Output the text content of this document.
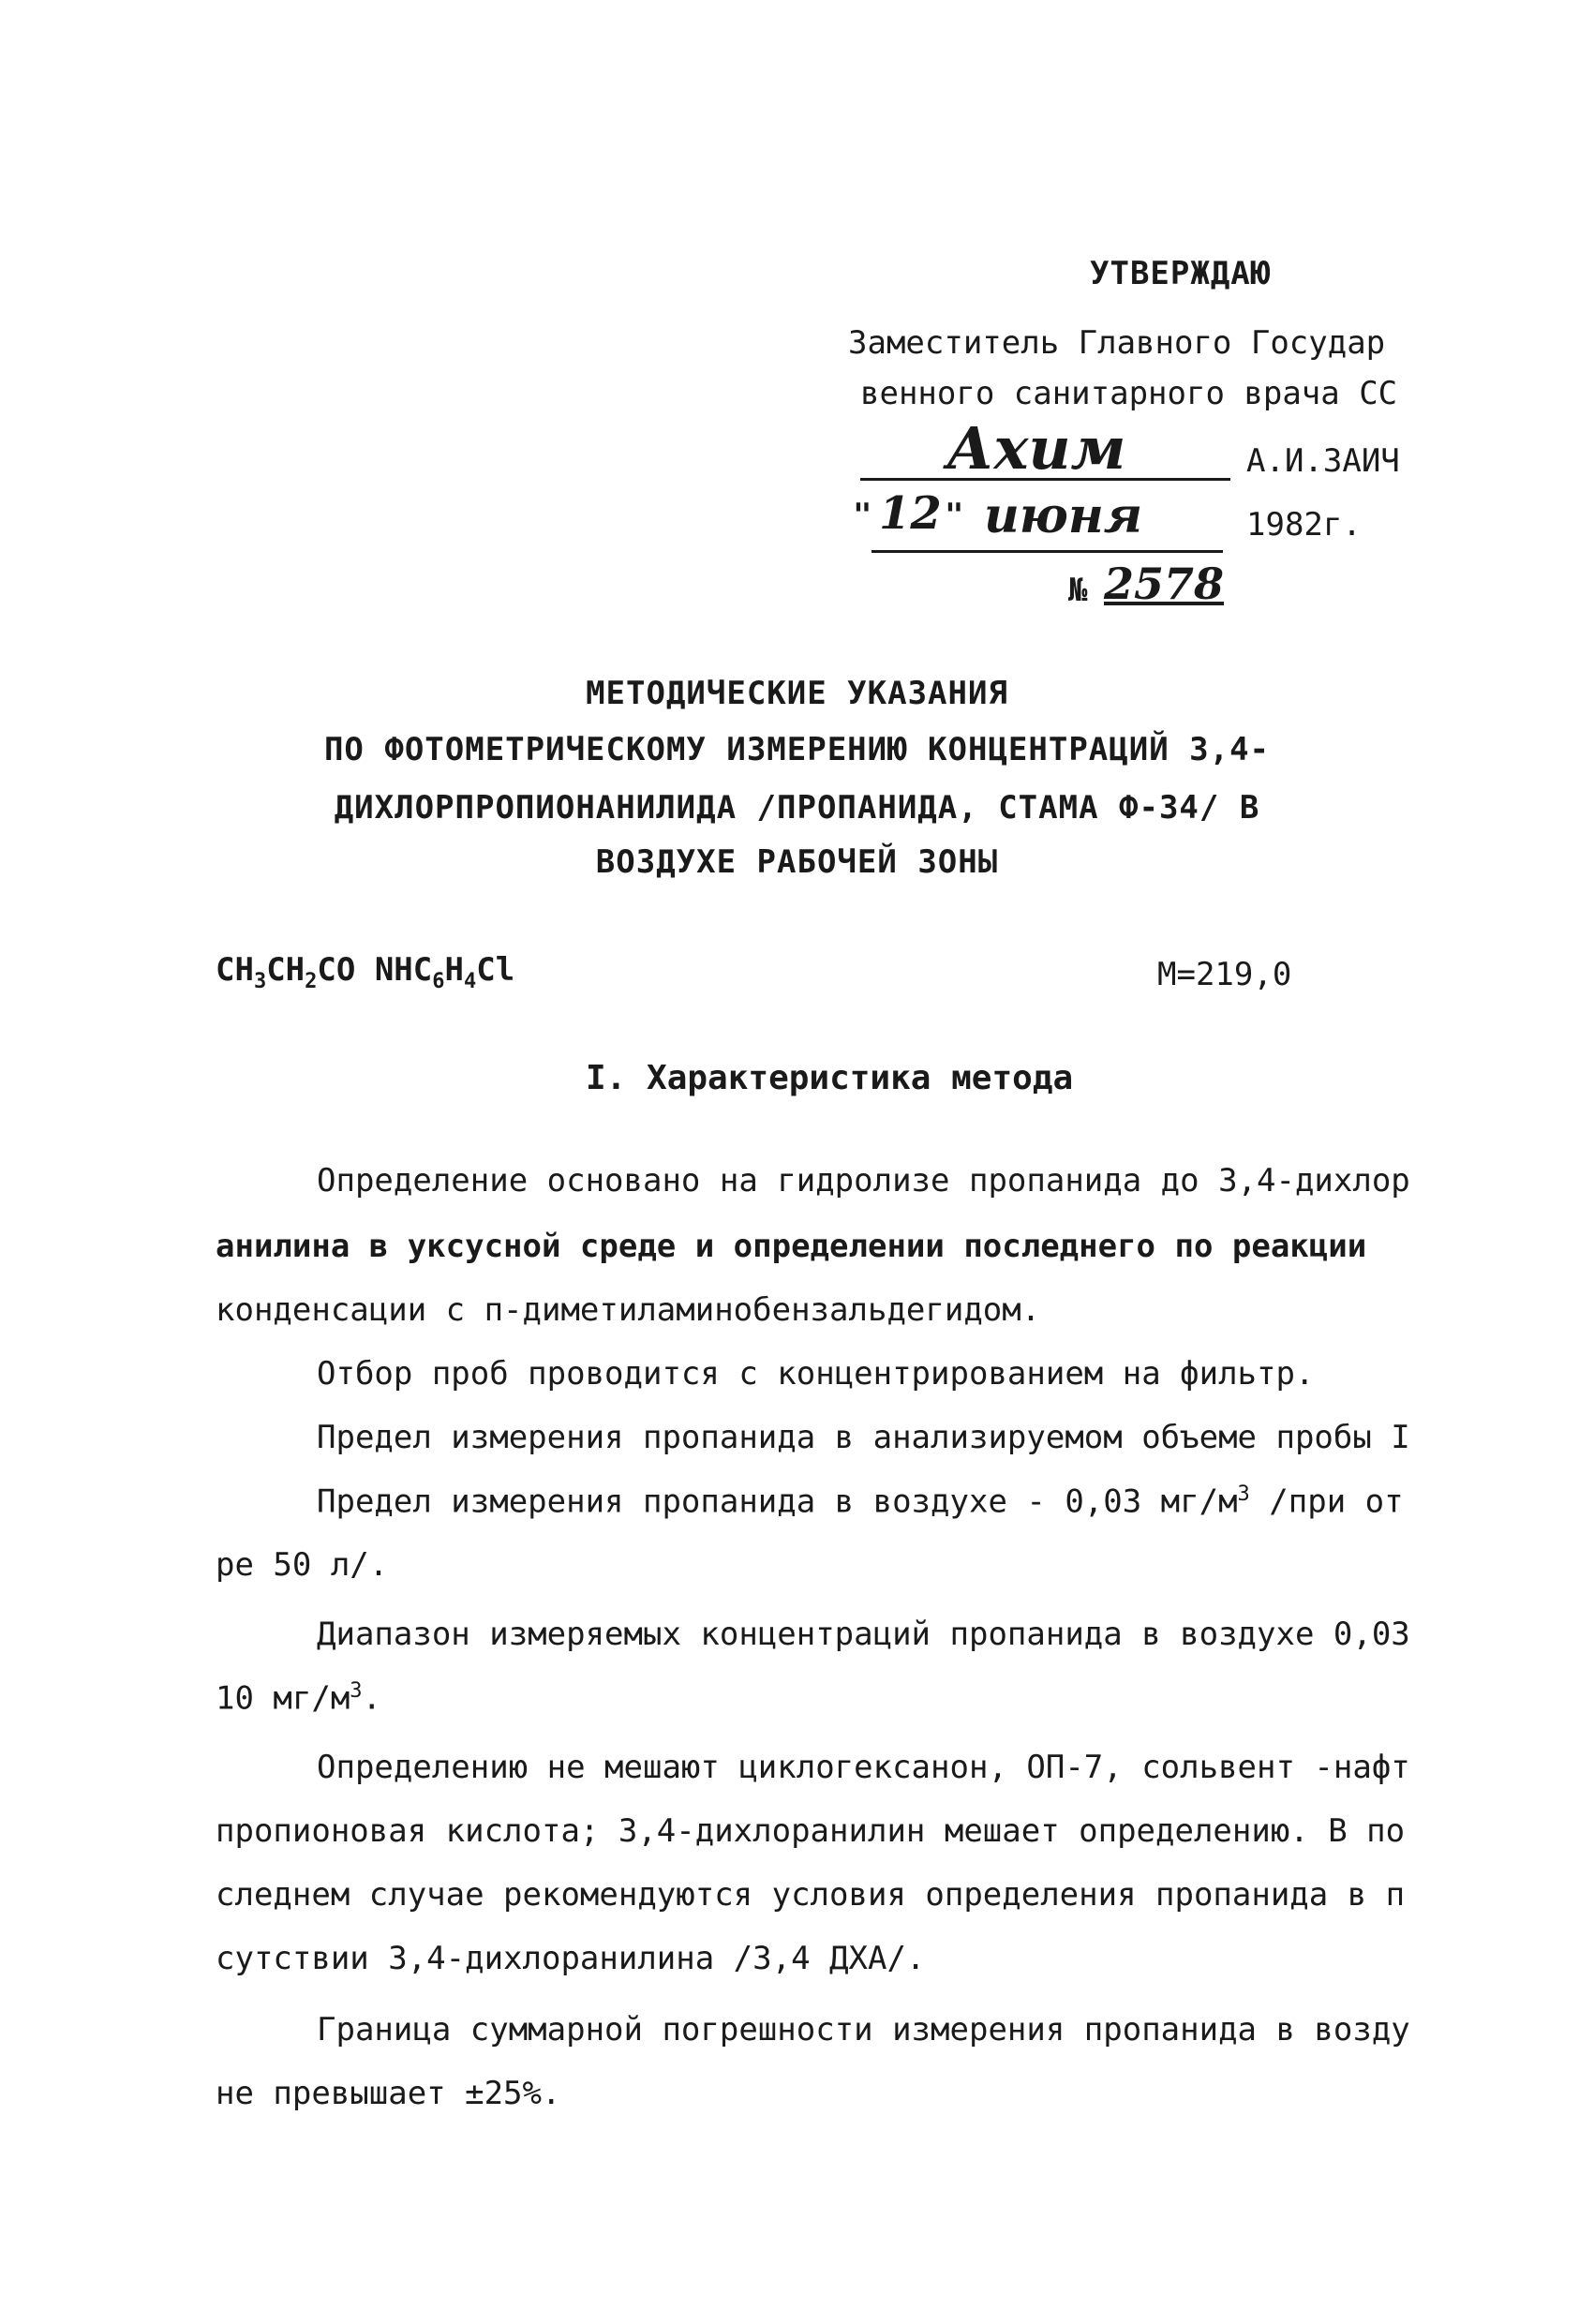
УТВЕРЖДАЮ
Заместитель Главного Государ
венного санитарного врача СС
Ахим	А.И.ЗАИЧ
" 12 " июня	1982г.
№ 2578
МЕТОДИЧЕСКИЕ УКАЗАНИЯ
ПО ФОТОМЕТРИЧЕСКОМУ ИЗМЕРЕНИЮ КОНЦЕНТРАЦИЙ 3,4-
ДИХЛОРПРОПИОНАНИЛИДА /ПРОПАНИДА, СТАМА Ф-34/ В
ВОЗДУХЕ РАБОЧЕЙ ЗОНЫ
$CH_3CH_2CO$ $NHC_6H_4Cl$	М=219,0
I. Характеристика метода
Определение основано на гидролизе пропанида до 3,4-дихлор
анилина в уксусной среде и определении последнего по реакции
конденсации с п-диметиламинобензальдегидом.
Отбор проб проводится с концентрированием на фильтр.
Предел измерения пропанида в анализируемом объеме пробы I
Предел измерения пропанида в воздухе - 0,03 $мг/м^3$ /при от
ре 50 л/.
Диапазон измеряемых концентраций пропанида в воздухе 0,03
10 $мг/м^3$.
Определению не мешают циклогексанон, ОП-7, сольвент -нафт
пропионовая кислота; 3,4-дихлоранилин мешает определению. В по
следнем случае рекомендуются условия определения пропанида в п
сутствии 3,4-дихлоранилина /3,4 ДХА/.
Граница суммарной погрешности измерения пропанида в возду
не превышает ±25%.
